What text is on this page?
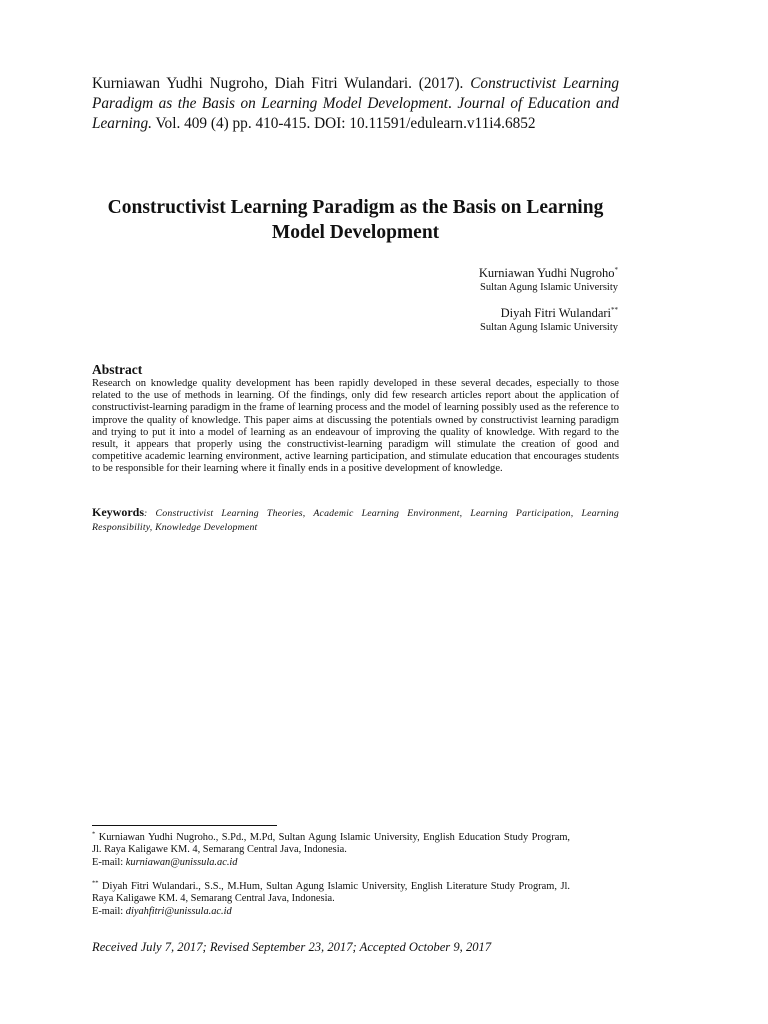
Kurniawan Yudhi Nugroho, Diah Fitri Wulandari. (2017). Constructivist Learning Paradigm as the Basis on Learning Model Development. Journal of Education and Learning. Vol. 409 (4) pp. 410-415. DOI: 10.11591/edulearn.v11i4.6852
Constructivist Learning Paradigm as the Basis on Learning Model Development
Kurniawan Yudhi Nugroho*
Sultan Agung Islamic University
Diyah Fitri Wulandari**
Sultan Agung Islamic University
Abstract
Research on knowledge quality development has been rapidly developed in these several decades, especially to those related to the use of methods in learning. Of the findings, only did few research articles report about the application of constructivist-learning paradigm in the frame of learning process and the model of learning possibly used as the reference to improve the quality of knowledge. This paper aims at discussing the potentials owned by constructivist learning paradigm and trying to put it into a model of learning as an endeavour of improving the quality of knowledge. With regard to the result, it appears that properly using the constructivist-learning paradigm will stimulate the creation of good and competitive academic learning environment, active learning participation, and stimulate education that encourages students to be responsible for their learning where it finally ends in a positive development of knowledge.
Keywords: Constructivist Learning Theories, Academic Learning Environment, Learning Participation, Learning Responsibility, Knowledge Development
* Kurniawan Yudhi Nugroho., S.Pd., M.Pd, Sultan Agung Islamic University, English Education Study Program, Jl. Raya Kaligawe KM. 4, Semarang Central Java, Indonesia.
E-mail: kurniawan@unissula.ac.id
** Diyah Fitri Wulandari., S.S., M.Hum, Sultan Agung Islamic University, English Literature Study Program, Jl. Raya Kaligawe KM. 4, Semarang Central Java, Indonesia.
E-mail: diyahfitri@unissula.ac.id
Received July 7, 2017; Revised September 23, 2017; Accepted October 9, 2017
